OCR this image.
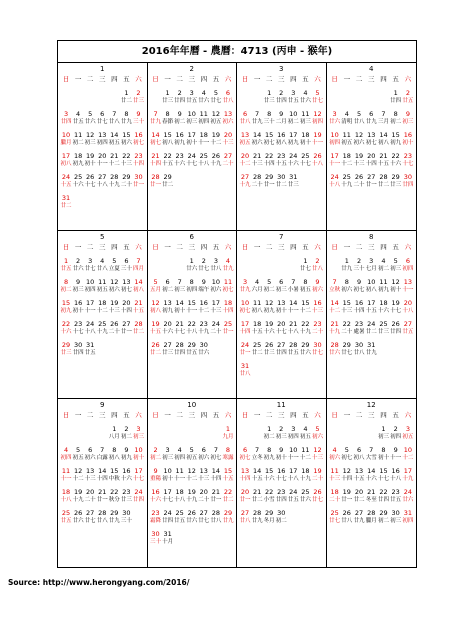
2016年年曆 - 農曆：4713 (丙申 - 猴年)
1
日 一 二 三 四 五 六
1
廿二
2
廿三
3
廿四
4
廿五
5
廿六
6
廿七
7
廿八
8
廿九
9
三十
10
臘月
11
初二
12
初三
13
初四
14
初五
15
初六
16
初七
17
初八
18
初九
19
初十
20
十一
21
十二
22
十三
23
十四
24
十五
25
十六
26
十七
27
十八
28
十九
29
二十
30
廿一
31
廿二
2
日 一 二 三 四 五 六
1
廿三
2
廿四
3
廿五
4
廿六
5
廿七
6
廿八
7
廿九
8
春節
9
初二
10
初三
11
初四
12
初五
13
初六
14
初七
15
初八
16
初九
17
初十
18
十一
19
十二
20
十三
21
十四
22
十五
23
十六
24
十七
25
十八
26
十九
27
二十
28
廿一
29
廿二
3
日 一 二 三 四 五 六
1
廿三
2
廿四
3
廿五
4
廿六
5
廿七
6
廿八
7
廿九
8
三十
9
二月
10
初二
11
初三
12
初四
13
初五
14
初六
15
初七
16
初八
17
初九
18
初十
19
十一
20
十二
21
十三
22
十四
23
十五
24
十六
25
十七
26
十八
27
十九
28
二十
29
廿一
30
廿二
31
廿三
4
日 一 二 三 四 五 六
1
廿四
2
廿五
3
廿六
4
清明
5
廿八
6
廿九
7
三月
8
初二
9
初三
10
初四
11
初五
12
初六
13
初七
14
初八
15
初九
16
初十
17
十一
18
十二
19
十三
20
十四
21
十五
22
十六
23
十七
24
十八
25
十九
26
二十
27
廿一
28
廿二
29
廿三
30
廿四
5
日 一 二 三 四 五 六
1
廿五
2
廿六
3
廿七
4
廿八
5
立夏
6
三十
7
四月
8
初二
9
初三
10
初四
11
初五
12
初六
13
初七
14
初八
15
初九
16
初十
17
十一
18
十二
19
十三
20
十四
21
十五
22
十六
23
十七
24
十八
25
十九
26
二十
27
廿一
28
廿二
29
廿三
30
廿四
31
廿五
6
日 一 二 三 四 五 六
1
廿六
2
廿七
3
廿八
4
廿九
5
五月
6
初二
7
初三
8
初四
9
端午
10
初六
11
初七
12
初八
13
初九
14
初十
15
十一
16
十二
17
十三
18
十四
19
十五
20
十六
21
十七
22
十八
23
十九
24
二十
25
廿一
26
廿二
27
廿三
28
廿四
29
廿五
30
廿六
7
日 一 二 三 四 五 六
1
廿七
2
廿八
3
廿九
4
六月
5
初二
6
初三
7
小暑
8
初五
9
初六
10
初七
11
初八
12
初九
13
初十
14
十一
15
十二
16
十三
17
十四
18
十五
19
十六
20
十七
21
十八
22
十九
23
二十
24
廿一
25
廿二
26
廿三
27
廿四
28
廿五
29
廿六
30
廿七
31
廿八
8
日 一 二 三 四 五 六
1
廿九
2
三十
3
七月
4
初二
5
初三
6
初四
7
立秋
8
初六
9
初七
10
初八
11
初九
12
初十
13
十一
14
十二
15
十三
16
十四
17
十五
18
十六
19
十七
20
十八
21
十九
22
二十
23
處暑
24
廿二
25
廿三
26
廿四
27
廿五
28
廿六
29
廿七
30
廿八
31
廿九
9
日 一 二 三 四 五 六
1
八月
2
初二
3
初三
4
初四
5
初五
6
初六
7
白露
8
初八
9
初九
10
初十
11
十一
12
十二
13
十三
14
十四
15
中秋
16
十六
17
十七
18
十八
19
十九
20
二十
21
廿一
22
秋分
23
廿三
24
廿四
25
廿五
26
廿六
27
廿七
28
廿八
29
廿九
30
三十
10
日 一 二 三 四 五 六
1
九月
2
初二
3
初三
4
初四
5
初五
6
初六
7
初七
8
寒露
9
重陽
10
初十
11
十一
12
十二
13
十三
14
十四
15
十五
16
十六
17
十七
18
十八
19
十九
20
二十
21
廿一
22
廿二
23
霜降
24
廿四
25
廿五
26
廿六
27
廿七
28
廿八
29
廿九
30
三十
31
十月
11
日 一 二 三 四 五 六
1
初二
2
初三
3
初四
4
初五
5
初六
6
初七
7
立冬
8
初九
9
初十
10
十一
11
十二
12
十三
13
十四
14
十五
15
十六
16
十七
17
十八
18
十九
19
二十
20
廿一
21
廿二
22
小雪
23
廿四
24
廿五
25
廿六
26
廿七
27
廿八
28
廿九
29
冬月
30
初二
12
日 一 二 三 四 五 六
1
初三
2
初四
3
初五
4
初六
5
初七
6
初八
7
大雪
8
初十
9
十一
10
十二
11
十三
12
十四
13
十五
14
十六
15
十七
16
十八
17
十九
18
二十
19
廿一
20
廿二
21
冬至
22
廿四
23
廿五
24
廿六
25
廿七
26
廿八
27
廿九
28
臘月
29
初二
30
初三
31
初四
Source: http://www.herongyang.com/2016/
